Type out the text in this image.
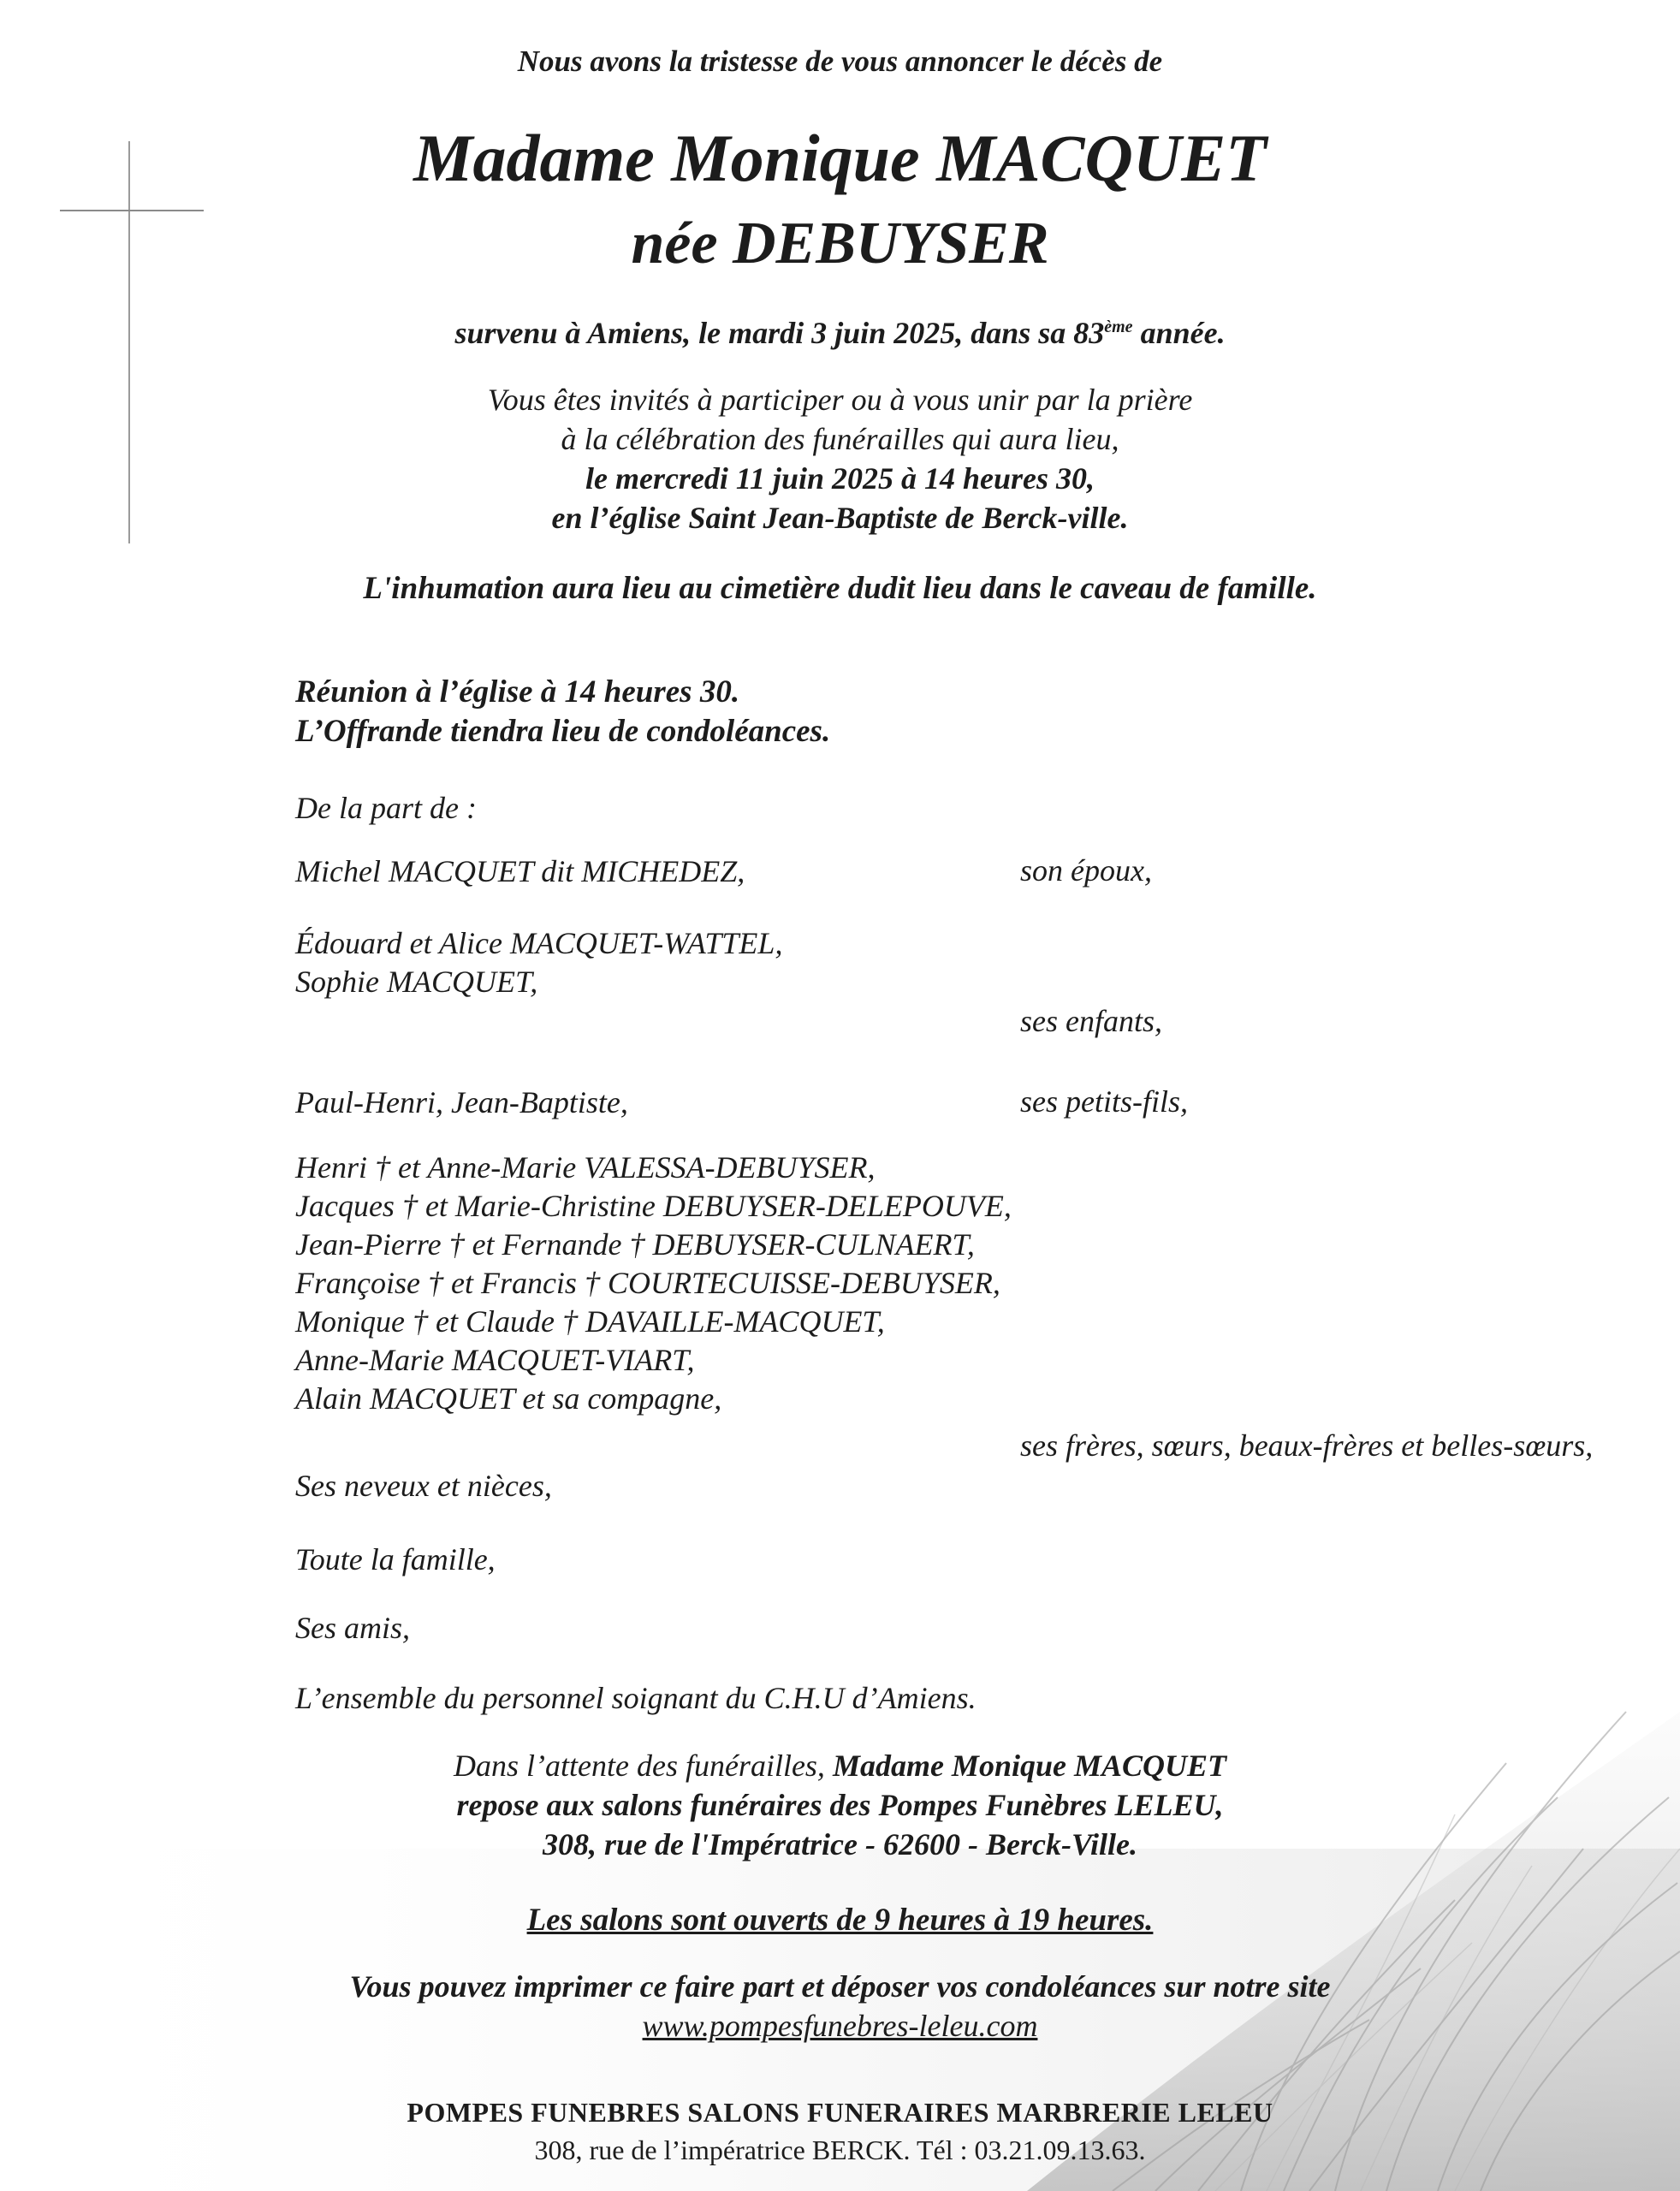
Nous avons la tristesse de vous annoncer le décès de
Madame Monique MACQUET
née DEBUYSER
survenu à Amiens, le mardi 3 juin 2025, dans sa 83ème année.
Vous êtes invités à participer ou à vous unir par la prière
à la célébration des funérailles qui aura lieu,
le mercredi 11 juin 2025 à 14 heures 30,
en l’église Saint Jean-Baptiste de Berck-ville.
L'inhumation aura lieu au cimetière dudit lieu dans le caveau de famille.
Réunion à l’église à 14 heures 30.
L’Offrande tiendra lieu de condoléances.
De la part de :
Michel MACQUET dit MICHEDEZ,	son époux,
Édouard et Alice MACQUET-WATTEL,
Sophie MACQUET,
ses enfants,
Paul-Henri, Jean-Baptiste,	ses petits-fils,
Henri † et Anne-Marie VALESSA-DEBUYSER,
Jacques † et Marie-Christine DEBUYSER-DELEPOUVE,
Jean-Pierre † et Fernande † DEBUYSER-CULNAERT,
Françoise † et Francis † COURTECUISSE-DEBUYSER,
Monique † et Claude † DAVAILLE-MACQUET,
Anne-Marie MACQUET-VIART,
Alain MACQUET et sa compagne,
ses frères, sœurs, beaux-frères et belles-sœurs,
Ses neveux et nièces,
Toute la famille,
Ses amis,
L’ensemble du personnel soignant du C.H.U d’Amiens.
Dans l’attente des funérailles, Madame Monique MACQUET
repose aux salons funéraires des Pompes Funèbres LELEU,
308, rue de l'Impératrice - 62600 - Berck-Ville.
Les salons sont ouverts de 9 heures à 19 heures.
Vous pouvez imprimer ce faire part et déposer vos condoléances sur notre site
www.pompesfunebres-leleu.com
POMPES FUNEBRES SALONS FUNERAIRES MARBRERIE LELEU
308, rue de l’impératrice BERCK. Tél : 03.21.09.13.63.
